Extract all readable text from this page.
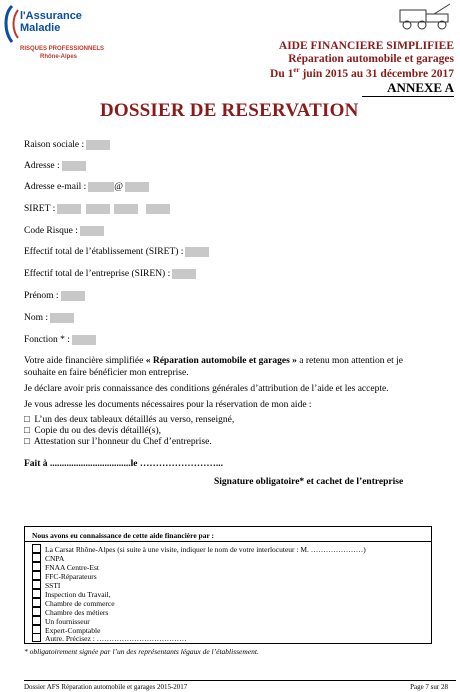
l'Assurance
Maladie
RISQUES PROFESSIONNELS
Rhône-Alpes
AIDE FINANCIERE SIMPLIFIEE
Réparation automobile et garages
Du 1er juin 2015 au 31 décembre 2017
ANNEXE A
DOSSIER DE RESERVATION
Raison sociale :
Adresse :
Adresse e-mail :	@
SIRET :
Code Risque :
Effectif total de l’établissement (SIRET) :
Effectif total de l’entreprise (SIREN) :
Prénom :
Nom :
Fonction * :
Votre aide financière simplifiée « Réparation automobile et garages » a retenu mon attention et je souhaite en faire bénéficier mon entreprise.
Je déclare avoir pris connaissance des conditions générales d’attribution de l’aide et les accepte.
Je vous adresse les documents nécessaires pour la réservation de mon aide :
□ L’un des deux tableaux détaillés au verso, renseigné,
□ Copie du ou des devis détaillé(s),
□ Attestation sur l’honneur du Chef d’entreprise.
Fait à ..................................le ……………………...
Signature obligatoire* et cachet de l’entreprise
Nous avons eu connaissance de cette aide financière par :
La Carsat Rhône-Alpes (si suite à une visite, indiquer le nom de votre interlocuteur : M. …………………)
CNPA
FNAA Centre-Est
FFC-Réparateurs
SSTI
Inspection du Travail,
Chambre de commerce
Chambre des métiers
Un fournisseur
Expert-Comptable
Autre. Précisez : ………………………………
* obligatoirement signée par l’un des représentants légaux de l’établissement.
Dossier AFS Réparation automobile et garages 2015-2017	Page 7 sur 28
